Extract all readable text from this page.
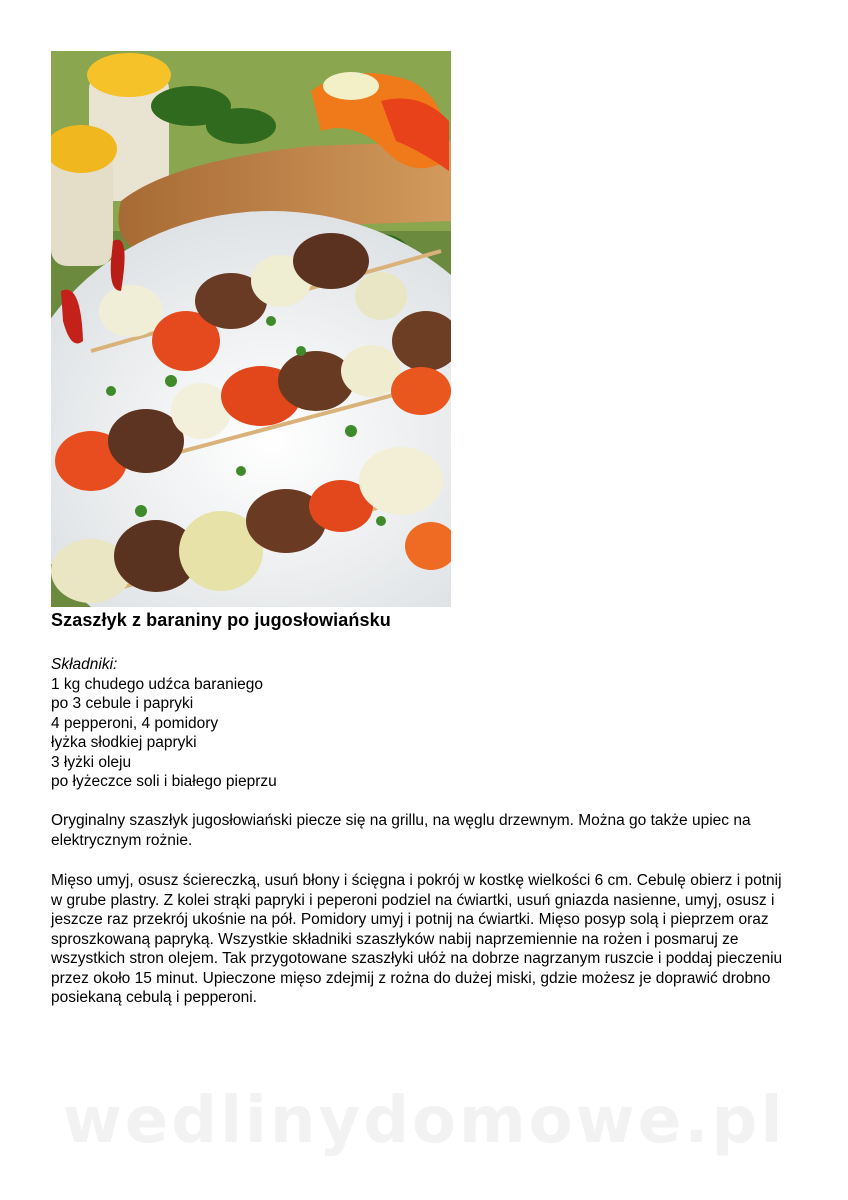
Szaszłyk z baraniny po jugosłowiańsku
Składniki:
1 kg chudego udźca baraniego
po 3 cebule i papryki
4 pepperoni, 4 pomidory
łyżka słodkiej papryki
3 łyżki oleju
po łyżeczce soli i białego pieprzu

Oryginalny szaszłyk jugosłowiański piecze się na grillu, na węglu drzewnym. Można go także upiec na elektrycznym rożnie.

Mięso umyj, osusz ściereczką, usuń błony i ścięgna i pokrój w kostkę wielkości 6 cm. Cebulę obierz i potnij w grube plastry. Z kolei strąki papryki i peperoni podziel na ćwiartki, usuń gniazda nasienne, umyj, osusz i jeszcze raz przekrój ukośnie na pół. Pomidory umyj i potnij na ćwiartki. Mięso posyp solą i pieprzem oraz sproszkowaną papryką. Wszystkie składniki szaszłyków nabij naprzemiennie na rożen i posmaruj ze wszystkich stron olejem. Tak przygotowane szaszłyki ułóż na dobrze nagrzanym ruszcie i poddaj pieczeniu przez około 15 minut. Upieczone mięso zdejmij z rożna do dużej miski, gdzie możesz je doprawić drobno posiekaną cebulą i pepperoni.

wedlinydomowe.pl
